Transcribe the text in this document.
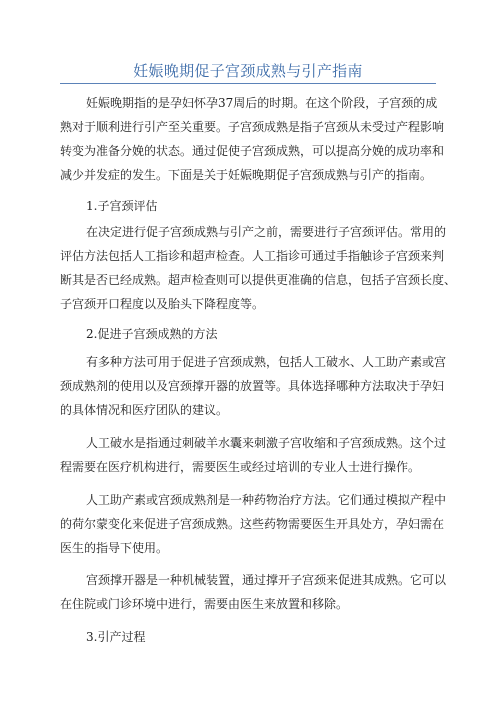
妊娠晚期促子宫颈成熟与引产指南
妊娠晚期指的是孕妇怀孕37周后的时期。在这个阶段，子宫颈的成
熟对于顺利进行引产至关重要。子宫颈成熟是指子宫颈从未受过产程影响
转变为准备分娩的状态。通过促使子宫颈成熟，可以提高分娩的成功率和
减少并发症的发生。下面是关于妊娠晚期促子宫颈成熟与引产的指南。
1.子宫颈评估
在决定进行促子宫颈成熟与引产之前，需要进行子宫颈评估。常用的
评估方法包括人工指诊和超声检查。人工指诊可通过手指触诊子宫颈来判
断其是否已经成熟。超声检查则可以提供更准确的信息，包括子宫颈长度、
子宫颈开口程度以及胎头下降程度等。
2.促进子宫颈成熟的方法
有多种方法可用于促进子宫颈成熟，包括人工破水、人工助产素或宫
颈成熟剂的使用以及宫颈撑开器的放置等。具体选择哪种方法取决于孕妇
的具体情况和医疗团队的建议。
人工破水是指通过刺破羊水囊来刺激子宫收缩和子宫颈成熟。这个过
程需要在医疗机构进行，需要医生或经过培训的专业人士进行操作。
人工助产素或宫颈成熟剂是一种药物治疗方法。它们通过模拟产程中
的荷尔蒙变化来促进子宫颈成熟。这些药物需要医生开具处方，孕妇需在
医生的指导下使用。
宫颈撑开器是一种机械装置，通过撑开子宫颈来促进其成熟。它可以
在住院或门诊环境中进行，需要由医生来放置和移除。
3.引产过程
